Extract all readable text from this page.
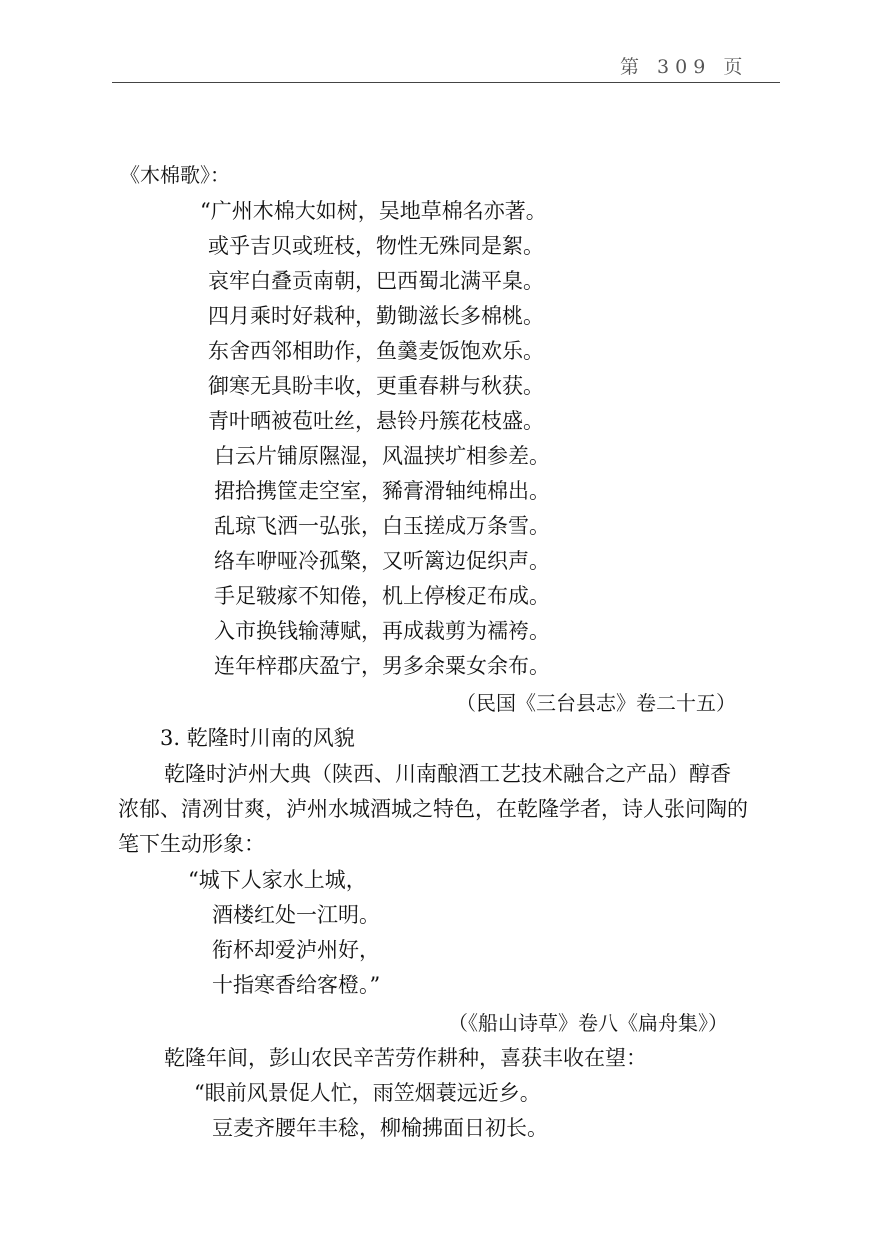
第 309 页
《木棉歌》：
“广州木棉大如树，吴地草棉名亦著。
或乎吉贝或班枝，物性无殊同是絮。
哀牢白叠贡南朝，巴西蜀北满平臬。
四月乘时好栽种，勤锄滋长多棉桃。
东舍西邻相助作，鱼羹麦饭饱欢乐。
御寒无具盼丰收，更重春耕与秋获。
青叶晒被苞吐丝，悬铃丹簇花枝盛。
白云片铺原隰湿，风温挟圹相参差。
捃拾携筐走空室，豨膏滑轴纯棉出。
乱琼飞洒一弘张，白玉搓成万条雪。
络车咿哑冷孤檠，又听篱边促织声。
手足皲瘃不知倦，机上停梭疋布成。
入市换钱输薄赋，再成裁剪为襦袴。
连年梓郡庆盈宁，男多余粟女余布。
（民国《三台县志》卷二十五）
3. 乾隆时川南的风貌
乾隆时泸州大典（陕西、川南酿酒工艺技术融合之产品）醇香
浓郁、清冽甘爽，泸州水城酒城之特色，在乾隆学者，诗人张问陶的
笔下生动形象：
“城下人家水上城，
酒楼红处一江明。
衔杯却爱泸州好，
十指寒香给客橙。”
（《船山诗草》卷八《扁舟集》）
乾隆年间，彭山农民辛苦劳作耕种，喜获丰收在望：
“眼前风景促人忙，雨笠烟蓑远近乡。
豆麦齐腰年丰稔，柳榆拂面日初长。
